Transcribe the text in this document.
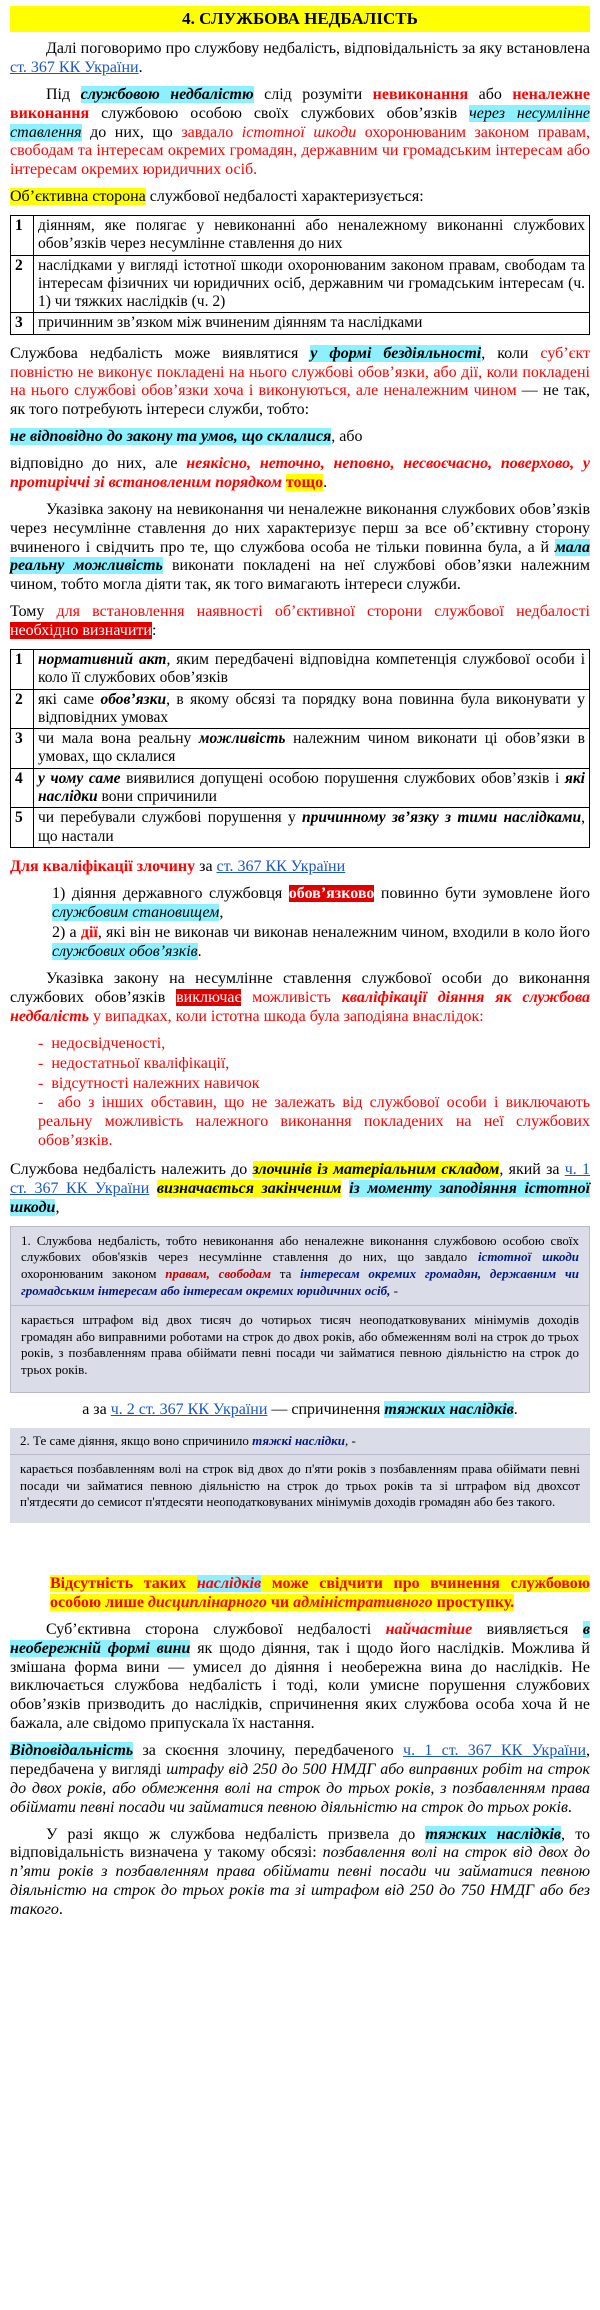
4. СЛУЖБОВА НЕДБАЛІСТЬ

Далі поговоримо про службову недбалість, відповідальність за яку встановлена ст. 367 КК України.

Під службовою недбалістю слід розуміти невиконання або неналежне виконання службовою особою своїх службових обов’язків через несумлінне ставлення до них, що завдало істотної шкоди охоронюваним законом правам, свободам та інтересам окремих громадян, державним чи громадським інтересам або інтересам окремих юридичних осіб.

Об’єктивна сторона службової недбалості характеризується:

1	діянням, яке полягає у невиконанні або неналежному виконанні службових обов’язків через несумлінне ставлення до них
2	наслідками у вигляді істотної шкоди охоронюваним законом правам, свободам та інтересам фізичних чи юридичних осіб, державним чи громадським інтересам (ч. 1) чи тяжких наслідків (ч. 2)
3	причинним зв’язком між вчиненим діянням та наслідками

Службова недбалість може виявлятися у формі бездіяльності, коли суб’єкт повністю не виконує покладені на нього службові обов’язки, або дії, коли покладені на нього службові обов’язки хоча і виконуються, але неналежним чином — не так, як того потребують інтереси служби, тобто:

не відповідно до закону та умов, що склалися, або

відповідно до них, але неякісно, неточно, неповно, несвоєчасно, поверхово, у протиріччі зі встановленим порядком тощо.

Указівка закону на невиконання чи неналежне виконання службових обов’язків через несумлінне ставлення до них характеризує перш за все об’єктивну сторону вчиненого і свідчить про те, що службова особа не тільки повинна була, а й мала реальну можливість виконати покладені на неї службові обов’язки належним чином, тобто могла діяти так, як того вимагають інтереси служби.

Тому для встановлення наявності об’єктивної сторони службової недбалості необхідно визначити:

1	нормативний акт, яким передбачені відповідна компетенція службової особи і коло її службових обов’язків
2	які саме обов’язки, в якому обсязі та порядку вона повинна була виконувати у відповідних умовах
3	чи мала вона реальну можливість належним чином виконати ці обов’язки в умовах, що склалися
4	у чому саме виявилися допущені особою порушення службових обов’язків і які наслідки вони спричинили
5	чи перебували службові порушення у причинному зв’язку з тими наслідками, що настали

Для кваліфікації злочину за ст. 367 КК України

1) діяння державного службовця обов’язково повинно бути зумовлене його службовим становищем,
2) а дії, які він не виконав чи виконав неналежним чином, входили в коло його службових обов’язків.

Указівка закону на несумлінне ставлення службової особи до виконання службових обов’язків виключає можливість кваліфікації діяння як службова недбалість у випадках, коли істотна шкода була заподіяна внаслідок:

-  недосвідченості,
-  недостатньої кваліфікації,
-  відсутності належних навичок
-  або з інших обставин, що не залежать від службової особи і виключають реальну можливість належного виконання покладених на неї службових обов’язків.

Службова недбалість належить до злочинів із матеріальним складом, який за ч. 1 ст. 367 КК України визначається закінченим із моменту заподіяння істотної шкоди,

1. Службова недбалість, тобто невиконання або неналежне виконання службовою особою своїх службових обов'язків через несумлінне ставлення до них, що завдало істотної шкоди охоронюваним законом правам, свободам та інтересам окремих громадян, державним чи громадським інтересам або інтересам окремих юридичних осіб, -

карається штрафом від двох тисяч до чотирьох тисяч неоподатковуваних мінімумів доходів громадян або виправними роботами на строк до двох років, або обмеженням волі на строк до трьох років, з позбавленням права обіймати певні посади чи займатися певною діяльністю на строк до трьох років.

а за ч. 2 ст. 367 КК України — спричинення тяжких наслідків.

2. Те саме діяння, якщо воно спричинило тяжкі наслідки, -

карається позбавленням волі на строк від двох до п'яти років з позбавленням права обіймати певні посади чи займатися певною діяльністю на строк до трьох років та зі штрафом від двохсот п'ятдесяти до семисот п'ятдесяти неоподатковуваних мінімумів доходів громадян або без такого.

Відсутність таких наслідків може свідчити про вчинення службовою особою лише дисциплінарного чи адміністративного проступку.

Суб’єктивна сторона службової недбалості найчастіше виявляється в необережній формі вини як щодо діяння, так і щодо його наслідків. Можлива й змішана форма вини — умисел до діяння і необережна вина до наслідків. Не виключається службова недбалість і тоді, коли умисне порушення службових обов’язків призводить до наслідків, спричинення яких службова особа хоча й не бажала, але свідомо припускала їх настання.

Відповідальність за скоєння злочину, передбаченого ч. 1 ст. 367 КК України, передбачена у вигляді штрафу від 250 до 500 НМДГ або виправних робіт на строк до двох років, або обмеження волі на строк до трьох років, з позбавленням права обіймати певні посади чи займатися певною діяльністю на строк до трьох років.

У разі якщо ж службова недбалість призвела до тяжких наслідків, то відповідальність визначена у такому обсязі: позбавлення волі на строк від двох до п’яти років з позбавленням права обіймати певні посади чи займатися певною діяльністю на строк до трьох років та зі штрафом від 250 до 750 НМДГ або без такого.
